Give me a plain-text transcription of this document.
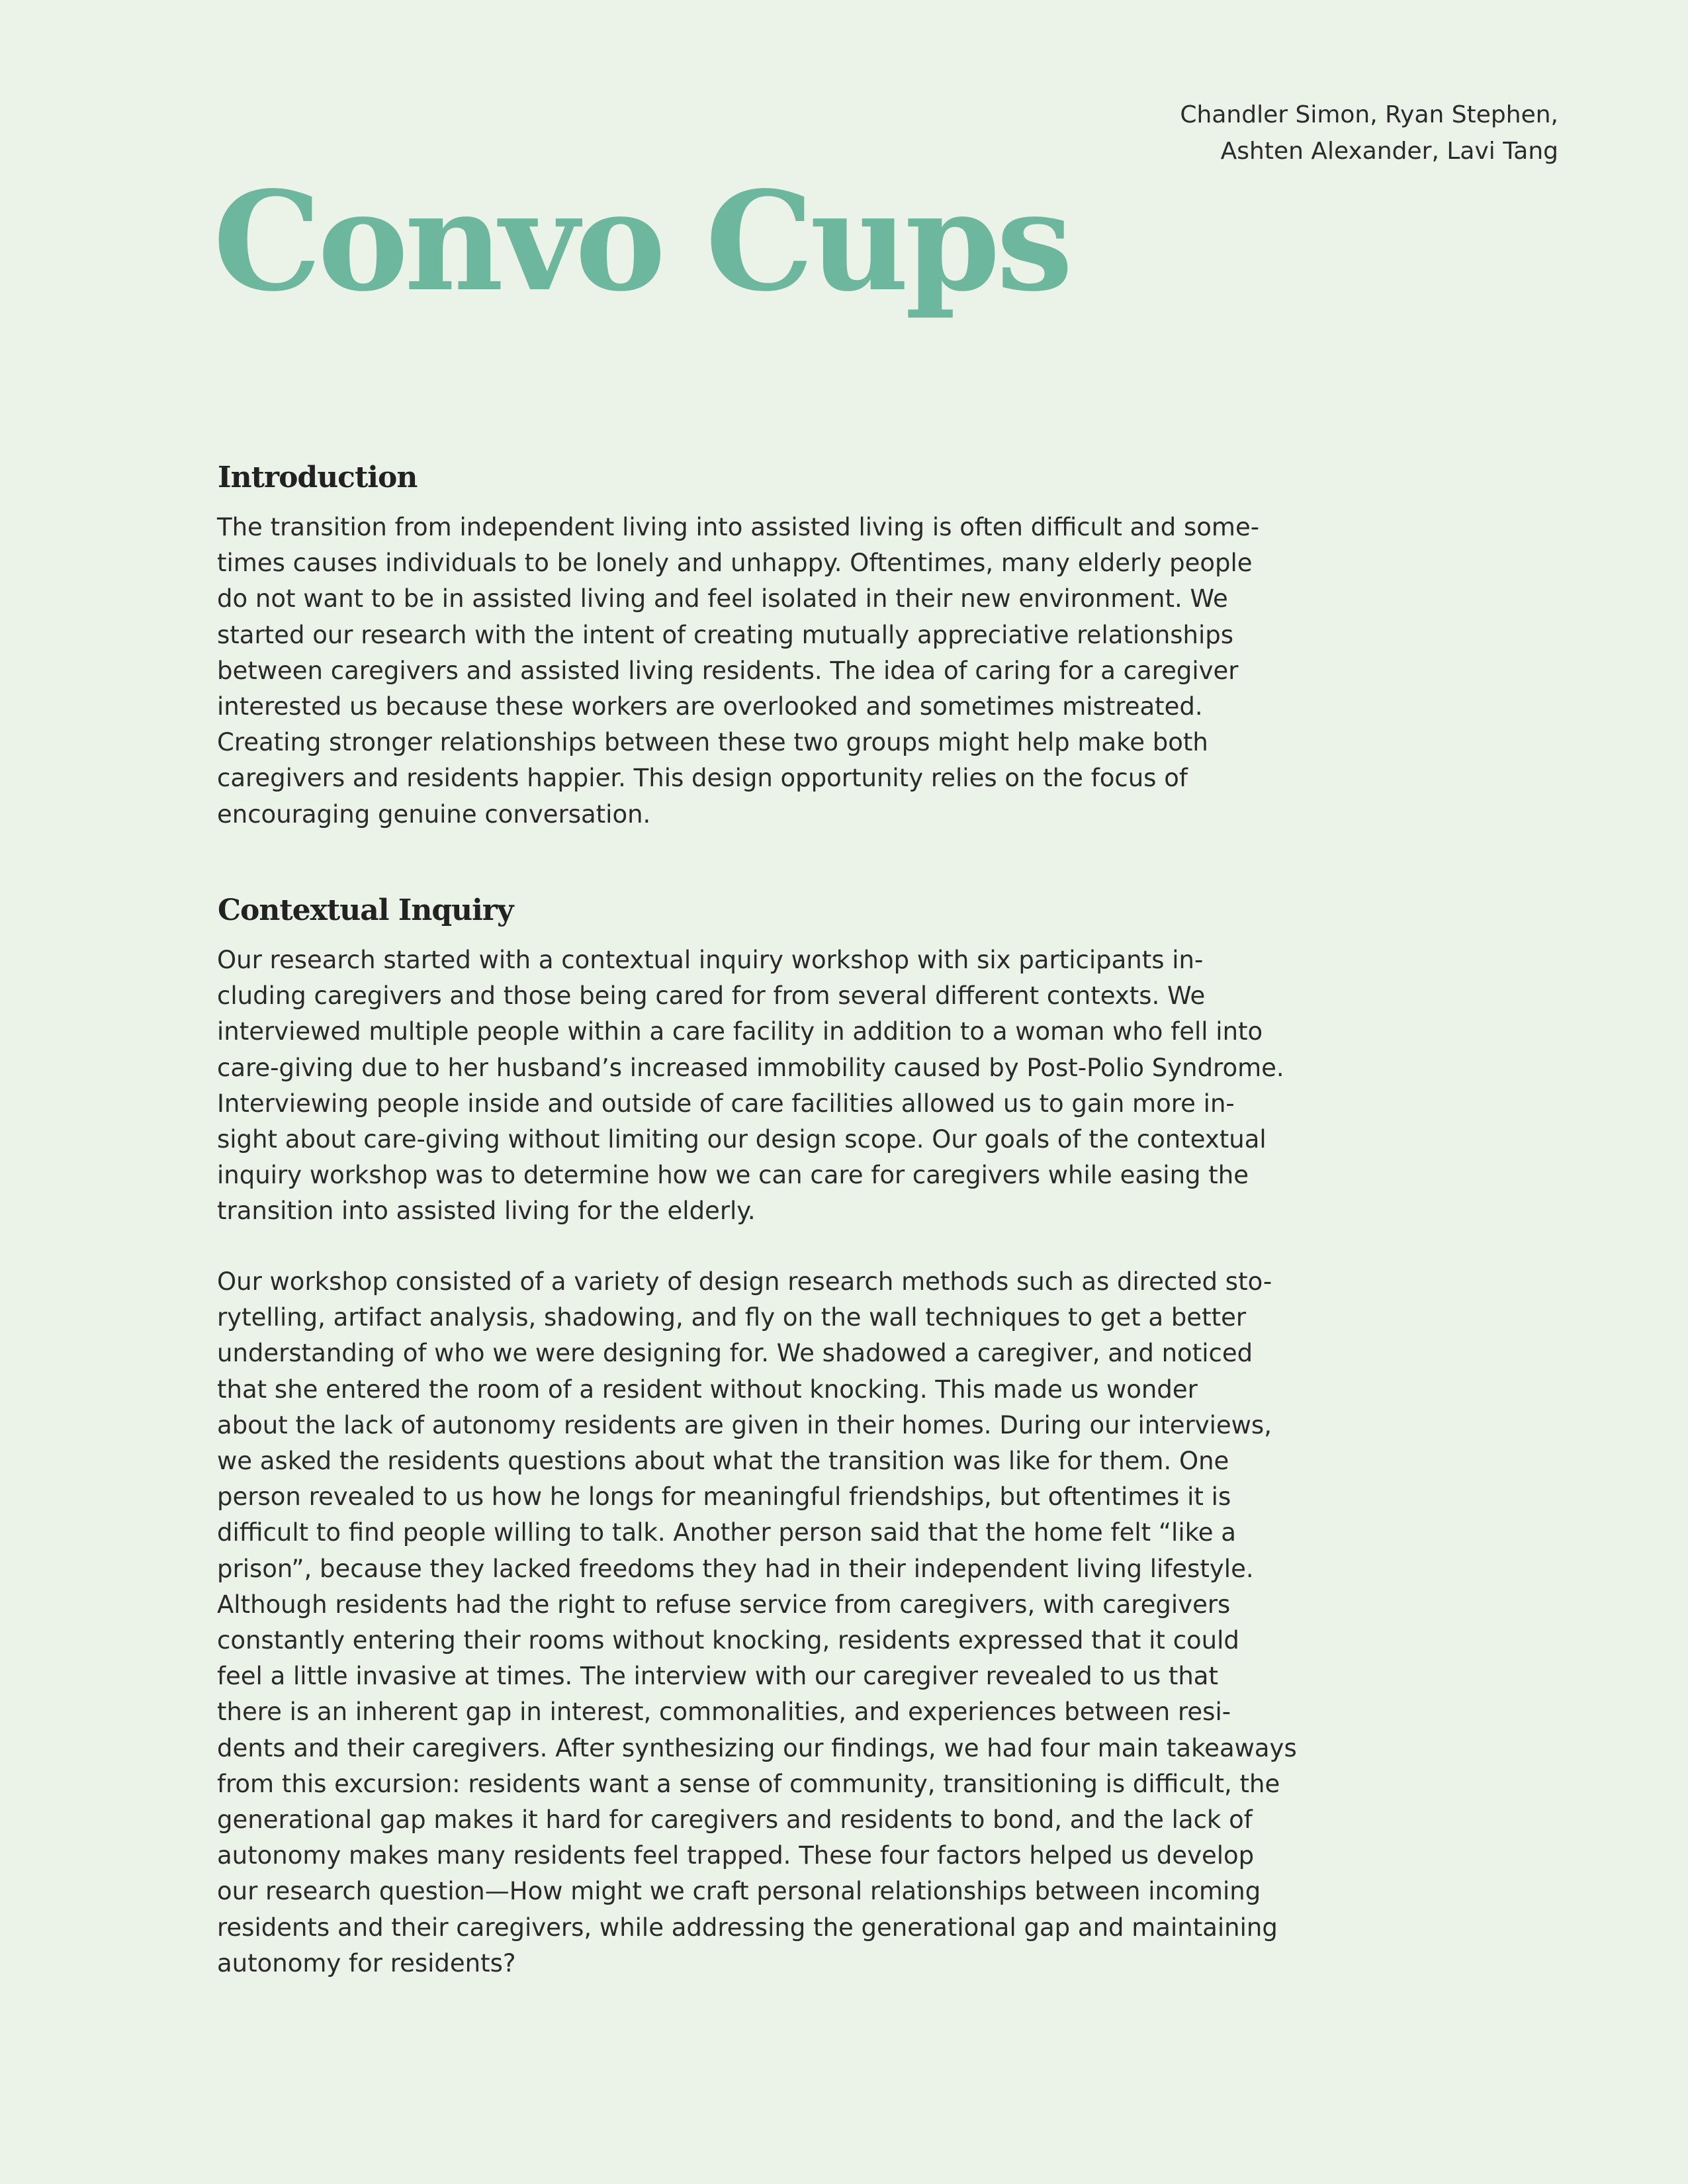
Chandler Simon, Ryan Stephen,
Ashten Alexander, Lavi Tang
Convo Cups
Introduction

The transition from independent living into assisted living is often difficult and some-
times causes individuals to be lonely and unhappy. Oftentimes, many elderly people
do not want to be in assisted living and feel isolated in their new environment. We
started our research with the intent of creating mutually appreciative relationships
between caregivers and assisted living residents. The idea of caring for a caregiver
interested us because these workers are overlooked and sometimes mistreated.
Creating stronger relationships between these two groups might help make both
caregivers and residents happier. This design opportunity relies on the focus of
encouraging genuine conversation.

Contextual Inquiry

Our research started with a contextual inquiry workshop with six participants in-
cluding caregivers and those being cared for from several different contexts. We
interviewed multiple people within a care facility in addition to a woman who fell into
care-giving due to her husband’s increased immobility caused by Post-Polio Syndrome.
Interviewing people inside and outside of care facilities allowed us to gain more in-
sight about care-giving without limiting our design scope. Our goals of the contextual
inquiry workshop was to determine how we can care for caregivers while easing the
transition into assisted living for the elderly.

Our workshop consisted of a variety of design research methods such as directed sto-
rytelling, artifact analysis, shadowing, and fly on the wall techniques to get a better
understanding of who we were designing for. We shadowed a caregiver, and noticed
that she entered the room of a resident without knocking. This made us wonder
about the lack of autonomy residents are given in their homes. During our interviews,
we asked the residents questions about what the transition was like for them. One
person revealed to us how he longs for meaningful friendships, but oftentimes it is
difficult to find people willing to talk. Another person said that the home felt “like a
prison”, because they lacked freedoms they had in their independent living lifestyle.
Although residents had the right to refuse service from caregivers, with caregivers
constantly entering their rooms without knocking, residents expressed that it could
feel a little invasive at times. The interview with our caregiver revealed to us that
there is an inherent gap in interest, commonalities, and experiences between resi-
dents and their caregivers. After synthesizing our findings, we had four main takeaways
from this excursion: residents want a sense of community, transitioning is difficult, the
generational gap makes it hard for caregivers and residents to bond, and the lack of
autonomy makes many residents feel trapped. These four factors helped us develop
our research question—How might we craft personal relationships between incoming
residents and their caregivers, while addressing the generational gap and maintaining
autonomy for residents?
